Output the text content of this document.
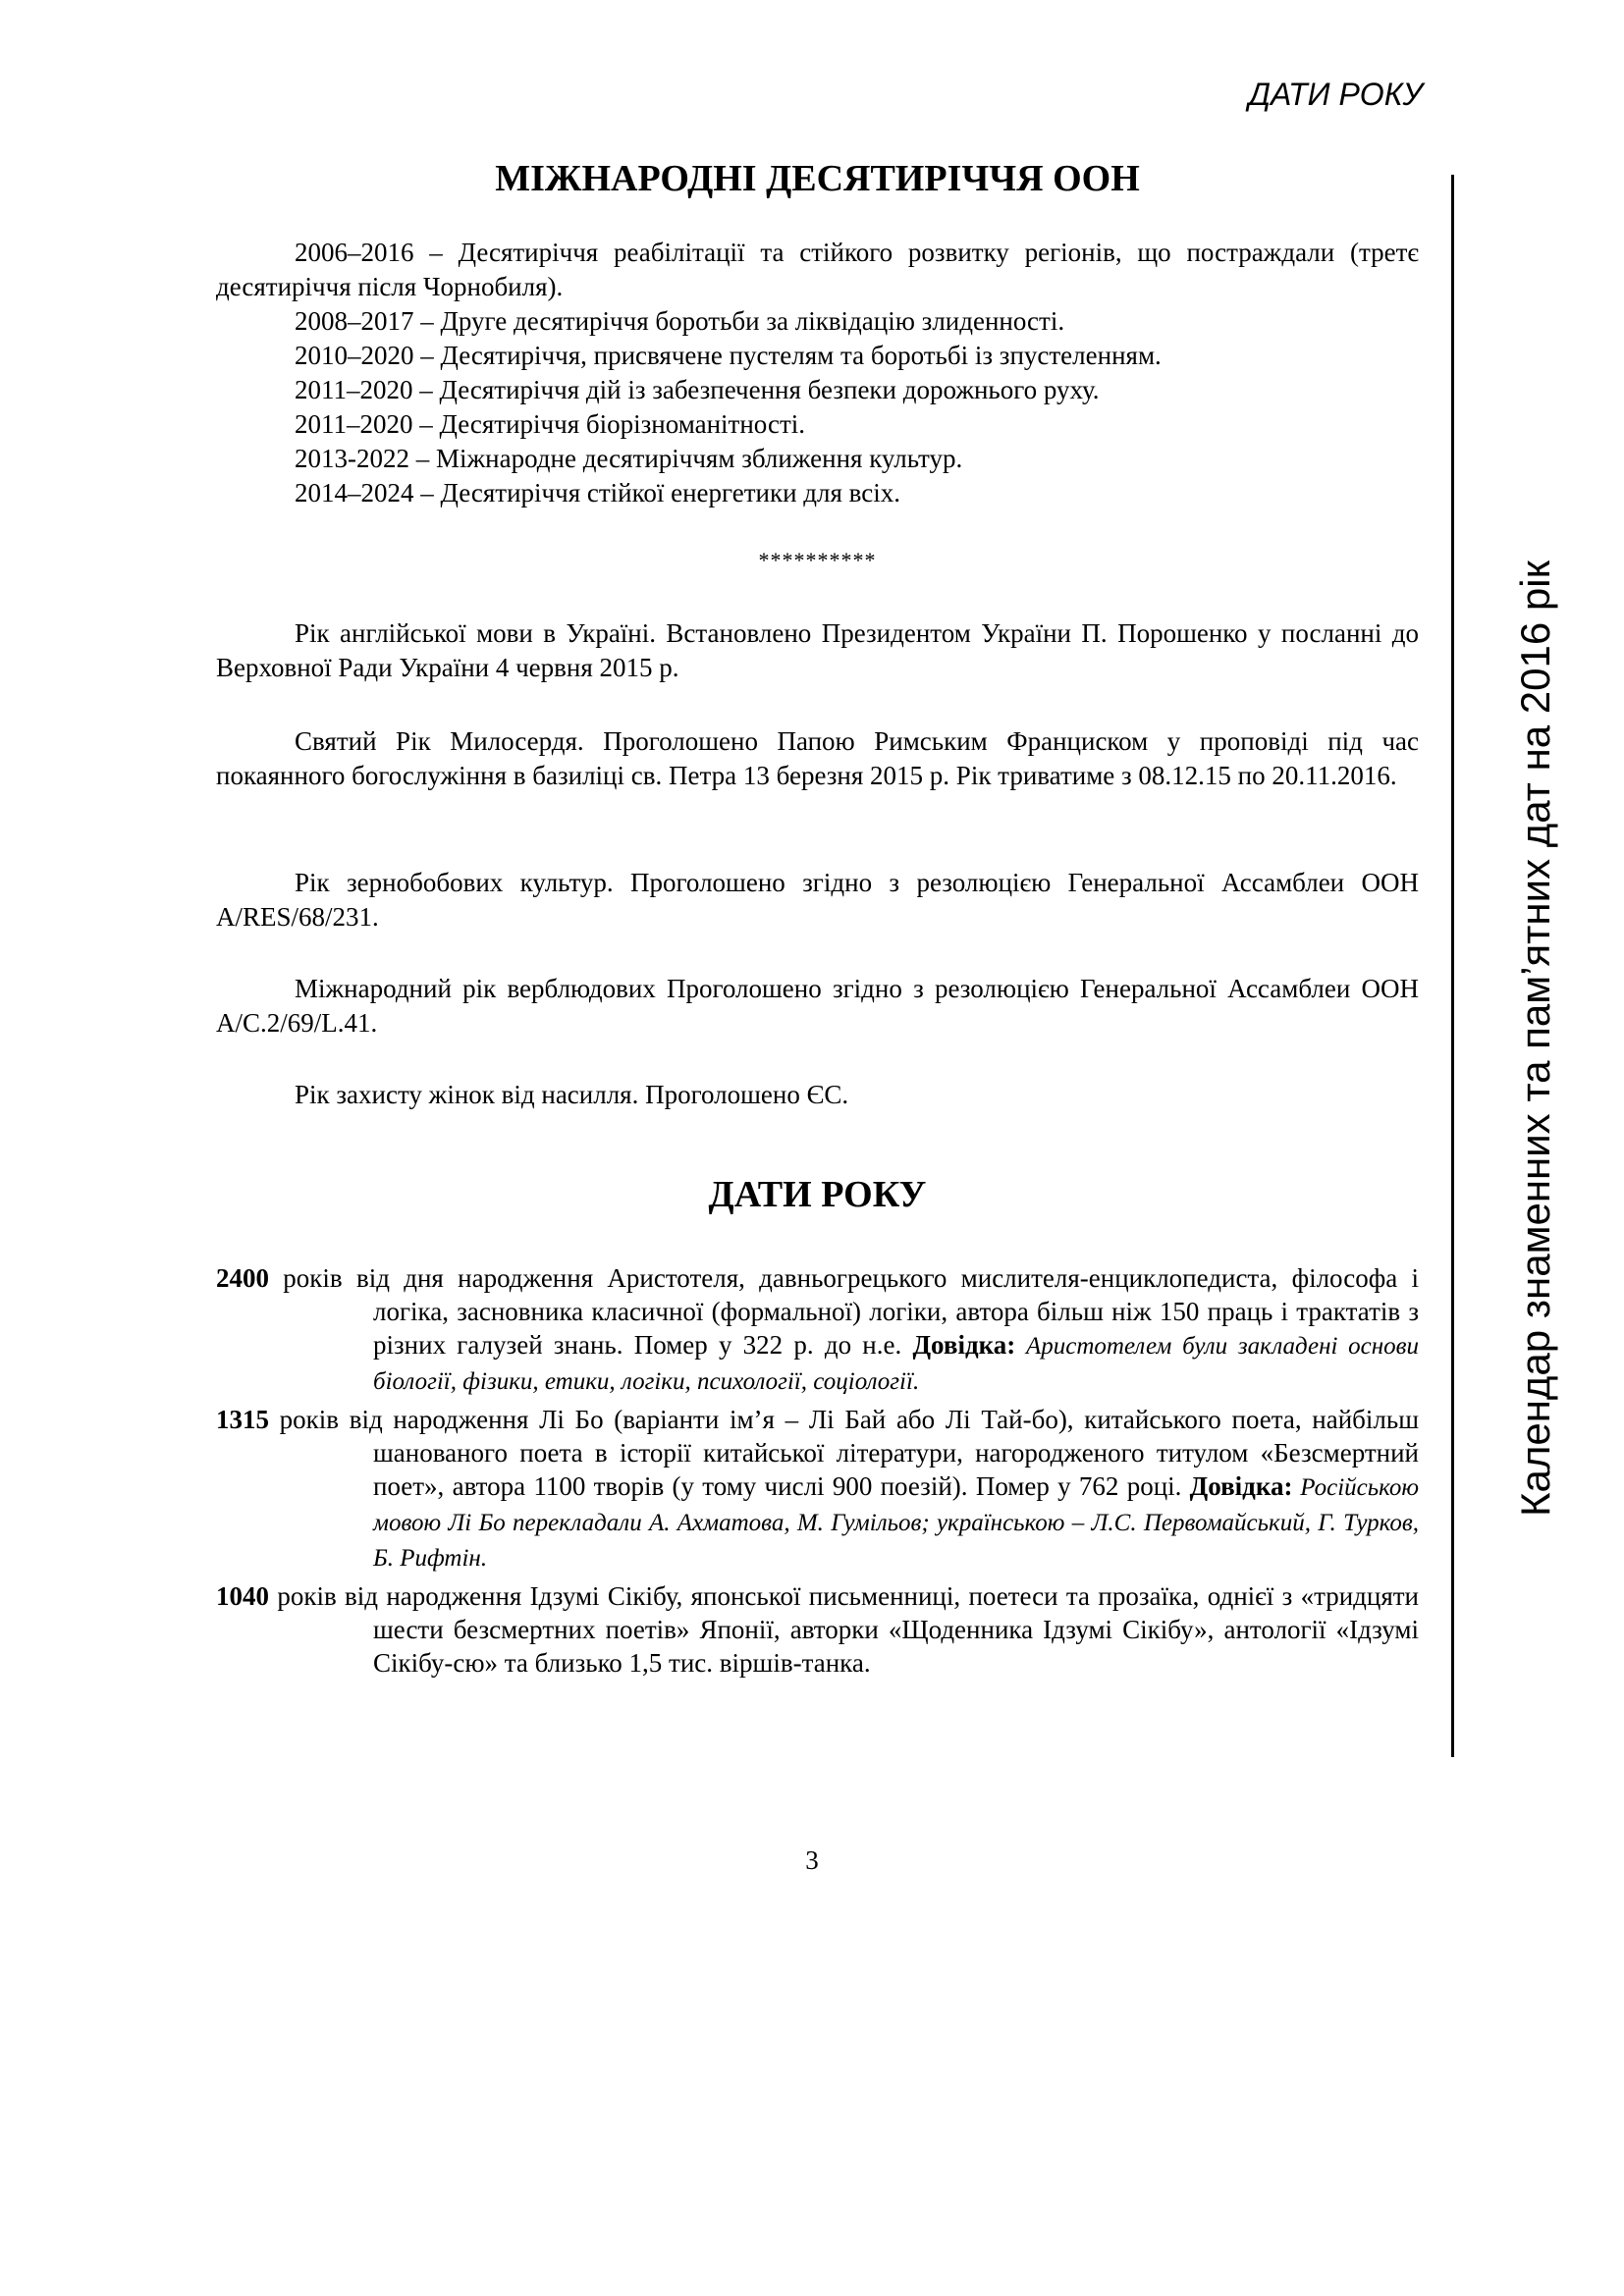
ДАТИ РОКУ
Календар знаменних та пам’ятних дат на 2016 рік
МІЖНАРОДНІ ДЕСЯТИРІЧЧЯ ООН

2006–2016 – Десятиріччя реабілітації та стійкого розвитку регіонів, що постраждали (третє десятиріччя після Чорнобиля).

2008–2017 – Друге десятиріччя боротьби за ліквідацію злиденності.

2010–2020 – Десятиріччя, присвячене пустелям та боротьбі із зпустеленням.

2011–2020 – Десятиріччя дій із забезпечення безпеки дорожнього руху.

2011–2020 – Десятиріччя біорізноманітності.

2013-2022 – Міжнародне десятиріччям зближення культур.

2014–2024 – Десятиріччя стійкої енергетики для всіх.

**********

Рік англійської мови в Україні. Встановлено Президентом України П. Порошенко у посланні до Верховної Ради України 4 червня 2015 р.

Святий Рік Милосердя. Проголошено Папою Римським Франциском у проповіді під час покаянного богослужіння в базиліці св. Петра 13 березня 2015 р. Рік триватиме з 08.12.15 по 20.11.2016.

Рік зернобобових культур. Проголошено згідно з резолюцією Генеральної Ассамблеи ООН A/RES/68/231.

Міжнародний рік верблюдових Проголошено згідно з резолюцією Генеральної Ассамблеи ООН A/C.2/69/L.41.

Рік захисту жінок від насилля. Проголошено ЄС.

ДАТИ РОКУ
2400 років від дня народження Аристотеля, давньогрецького мислителя-енциклопедиста, філософа і логіка, засновника класичної (формальної) логіки, автора більш ніж 150 праць і трактатів з різних галузей знань. Помер у 322 р. до н.е. Довідка: Аристотелем були закладені основи біології, фізики, етики, логіки, психології, соціології.
1315 років від народження Лі Бо (варіанти ім’я – Лі Бай або Лі Тай-бо), китайського поета, найбільш шанованого поета в історії китайської літератури, нагородженого титулом «Безсмертний поет», автора 1100 творів (у тому числі 900 поезій). Помер у 762 році. Довідка: Російською мовою Лі Бо перекладали А. Ахматова, М. Гумільов; українською – Л.С. Первомайський, Г. Турков, Б. Рифтін.
1040 років від народження Ідзумі Сікібу, японської письменниці, поетеси та прозаїка, однієї з «тридцяти шести безсмертних поетів» Японії, авторки «Щоденника Ідзумі Сікібу», антології «Ідзумі Сікібу-сю» та близько 1,5 тис. віршів-танка.
3
